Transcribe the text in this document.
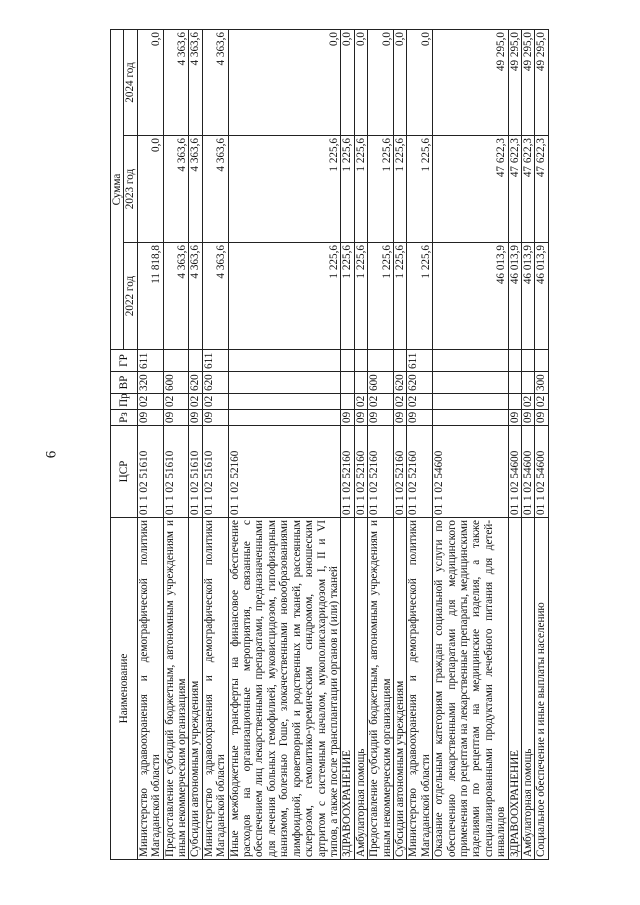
6
Наименование	ЦСР	Рз	Пр	ВР	ГР	Сумма		
						2022 год	2023 год	2024 год
Министерство здравоохранения и демографической политики Магаданской области	01 1 02 51610	09	02	320	611	11 818,8	0,0	0,0
Предоставление субсидий бюджетным, автономным учреждениям и иным некоммерческим организациям	01 1 02 51610	09	02	600		4 363,6	4 363,6	4 363,6
Субсидии автономным учреждениям	01 1 02 51610	09	02	620		4 363,6	4 363,6	4 363,6
Министерство здравоохранения и демографической политики Магаданской области	01 1 02 51610	09	02	620	611	4 363,6	4 363,6	4 363,6
Иные межбюджетные трансферты на финансовое обеспечение расходов на организационные мероприятия, связанные с обеспечением лиц лекарственными препаратами, предназначенными для лечения больных гемофилией, муковисцидозом, гипофизарным нанизмом, болезнью Гоше, злокачественными новообразованиями лимфоидной, кроветворной и родственных им тканей, рассеянным склерозом, гемолитико-уремическим синдромом, юношеским артритом с системным началом, мукополисахаридозом I, II и VI типов, а также после трансплантации органов и (или) тканей	01 1 02 52160					1 225,6	1 225,6	0,0
ЗДРАВООХРАНЕНИЕ	01 1 02 52160	09				1 225,6	1 225,6	0,0
Амбулаторная помощь	01 1 02 52160	09	02			1 225,6	1 225,6	0,0
Предоставление субсидий бюджетным, автономным учреждениям и иным некоммерческим организациям	01 1 02 52160	09	02	600		1 225,6	1 225,6	0,0
Субсидии автономным учреждениям	01 1 02 52160	09	02	620		1 225,6	1 225,6	0,0
Министерство здравоохранения и демографической политики Магаданской области	01 1 02 52160	09	02	620	611	1 225,6	1 225,6	0,0
Оказание отдельным категориям граждан социальной услуги по обеспечению лекарственными препаратами для медицинского применения по рецептам на лекарственные препараты, медицинскими изделиями по рецептам на медицинские изделия, а также специализированными продуктами лечебного питания для детей-инвалидов	01 1 02 54600					46 013,9	47 622,3	49 295,0
ЗДРАВООХРАНЕНИЕ	01 1 02 54600	09				46 013,9	47 622,3	49 295,0
Амбулаторная помощь	01 1 02 54600	09	02			46 013,9	47 622,3	49 295,0
Социальное обеспечение и иные выплаты населению	01 1 02 54600	09	02	300		46 013,9	47 622,3	49 295,0
